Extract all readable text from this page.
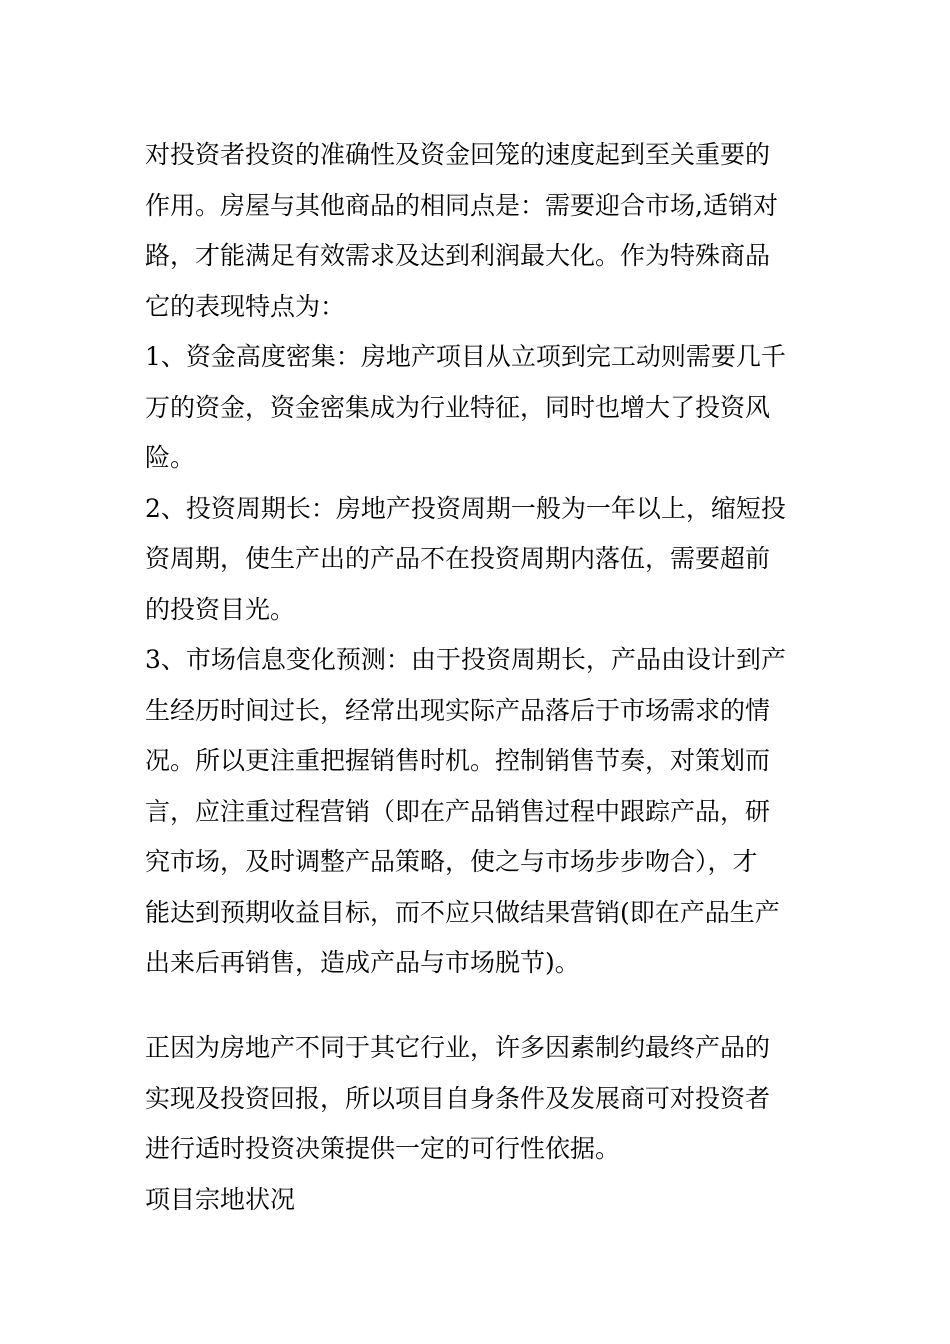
对投资者投资的准确性及资金回笼的速度起到至关重要的
作用。房屋与其他商品的相同点是：需要迎合市场,适销对
路，才能满足有效需求及达到利润最大化。作为特殊商品
它的表现特点为：
1、资金高度密集：房地产项目从立项到完工动则需要几千
万的资金，资金密集成为行业特征，同时也增大了投资风
险。
2、投资周期长：房地产投资周期一般为一年以上，缩短投
资周期，使生产出的产品不在投资周期内落伍，需要超前
的投资目光。
3、市场信息变化预测：由于投资周期长，产品由设计到产
生经历时间过长，经常出现实际产品落后于市场需求的情
况。所以更注重把握销售时机。控制销售节奏，对策划而
言，应注重过程营销（即在产品销售过程中跟踪产品，研
究市场，及时调整产品策略，使之与市场步步吻合），才
能达到预期收益目标，而不应只做结果营销(即在产品生产
出来后再销售，造成产品与市场脱节)。
正因为房地产不同于其它行业，许多因素制约最终产品的
实现及投资回报，所以项目自身条件及发展商可对投资者
进行适时投资决策提供一定的可行性依据。
项目宗地状况
